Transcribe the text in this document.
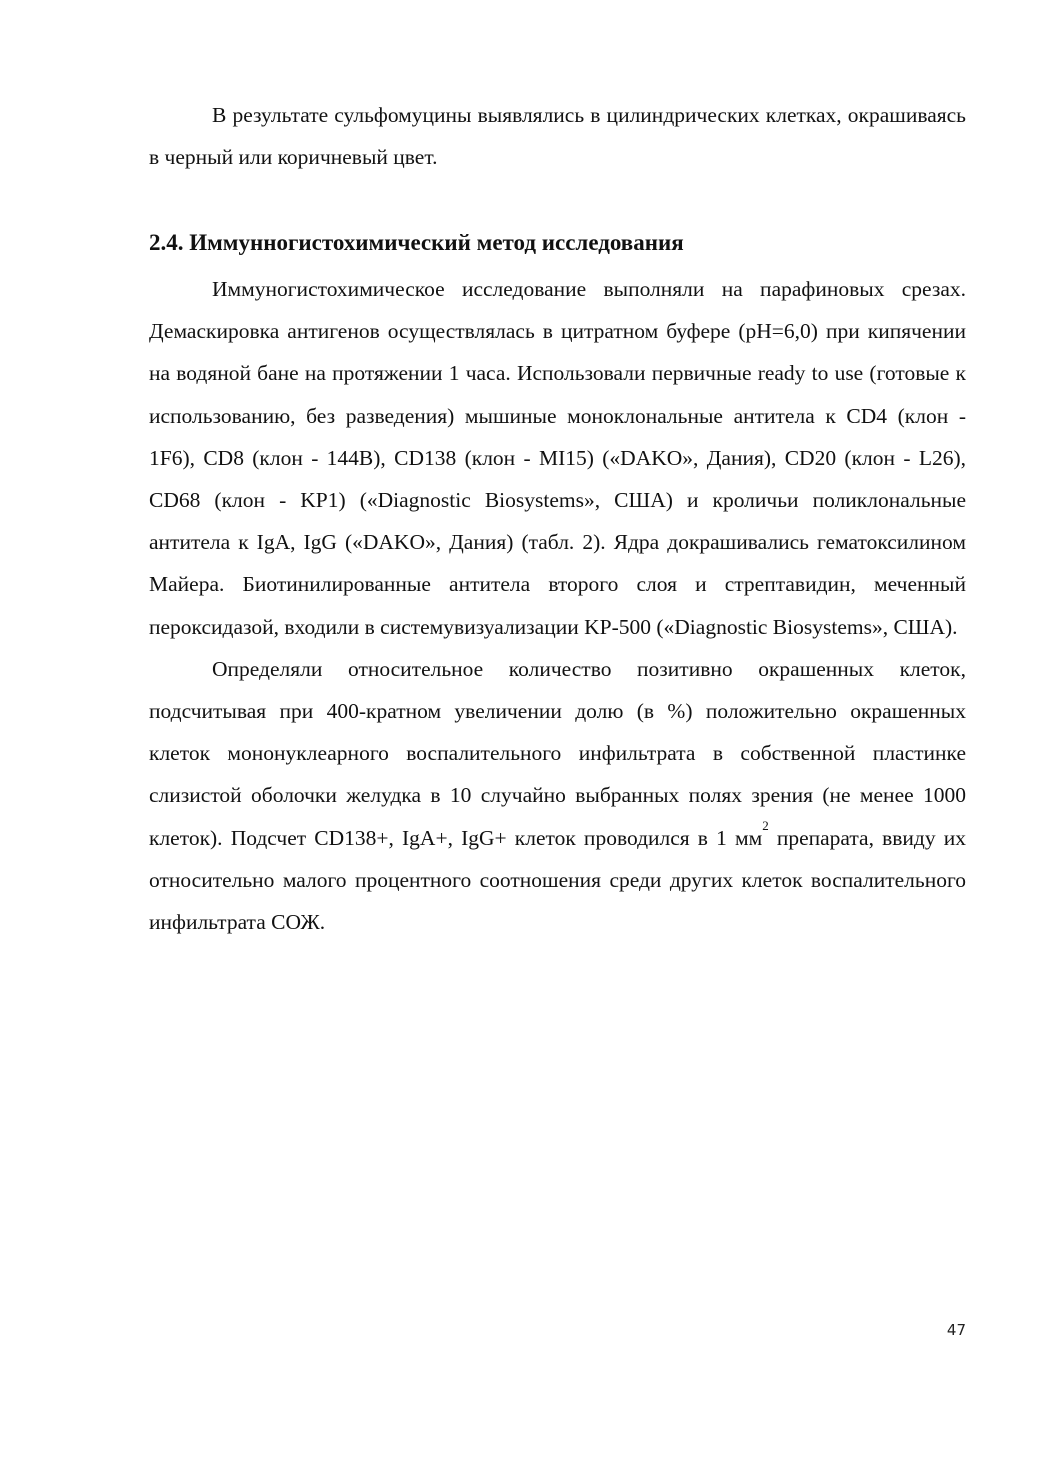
В результате сульфомуцины выявлялись в цилиндрических клетках, окрашиваясь в черный или коричневый цвет.

2.4. Иммунногистохимический метод исследования

Иммуногистохимическое исследование выполняли на парафиновых срезах. Демаскировка антигенов осуществлялась в цитратном буфере (pH=6,0) при кипячении на водяной бане на протяжении 1 часа. Использовали первичные ready to use (готовые к использованию, без разведения) мышиные моноклональные антитела к CD4 (клон - 1F6), CD8 (клон - 144B), CD138 (клон - MI15) («DAKO», Дания), CD20 (клон - L26), CD68 (клон - KP1) («Diagnostic Biosystems», США) и кроличьи поликлональные антитела к IgA, IgG («DAKO», Дания) (табл. 2). Ядра докрашивались гематоксилином Майера. Биотинилированные антитела второго слоя и стрептавидин, меченный пероксидазой, входили в системувизуализации KP-500 («Diagnostic Biosystems», США).

Определяли относительное количество позитивно окрашенных клеток, подсчитывая при 400-кратном увеличении долю (в %) положительно окрашенных клеток мононуклеарного воспалительного инфильтрата в собственной пластинке слизистой оболочки желудка в 10 случайно выбранных полях зрения (не менее 1000 клеток). Подсчет CD138+, IgA+, IgG+ клеток проводился в 1 $мм^2$ препарата, ввиду их относительно малого процентного соотношения среди других клеток воспалительного инфильтрата СОЖ.

47
